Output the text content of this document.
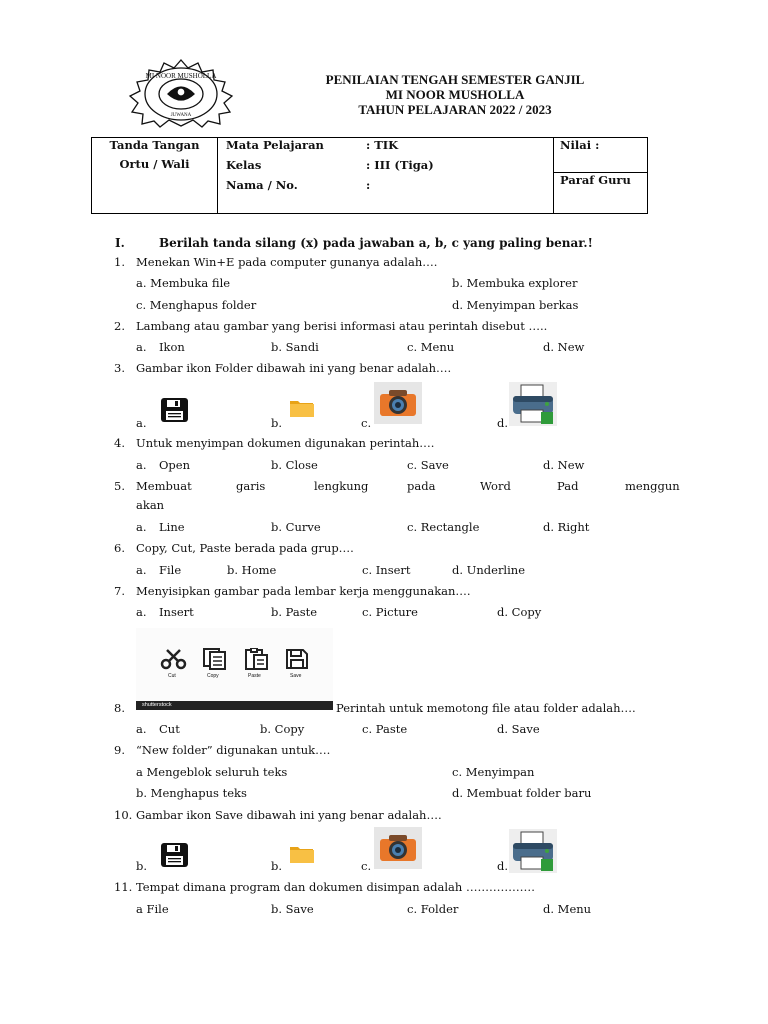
MI NOOR MUSHOLLA
JUWANA
PENILAIAN TENGAH SEMESTER GANJIL
MI NOOR MUSHOLLA
TAHUN PELAJARAN 2022 / 2023
Tanda Tangan
Ortu / Wali

Mata Pelajaran	: TIK
Kelas	: III (Tiga)
Nama / No.	:
	Nilai :
Paraf Guru
I.	Berilah tanda silang (x) pada jawaban a, b, c yang paling benar.!
1. Menekan Win+E pada computer gunanya adalah….
a. Membuka file	b. Membuka explorer
c. Menghapus folder	d. Menyimpan berkas
2. Lambang atau gambar yang berisi informasi atau perintah disebut …..
a. Ikon	b. Sandi	c. Menu	d. New
3. Gambar ikon Folder dibawah ini yang benar adalah….
a.	b.	c.	d.
4. Untuk menyimpan dokumen digunakan perintah….
a. Open	b. Close	c. Save	d. New
5. Membuat	garis	lengkung	pada	Word	Pad	menggun
akan
a. Line	b. Curve	c. Rectangle	d. Right
6. Copy, Cut, Paste berada pada grup….
a. File	b. Home	c. Insert	d. Underline
7. Menyisipkan gambar pada lembar kerja menggunakan….
a. Insert	b. Paste	c. Picture	d. Copy
Cut	Copy	Paste	Save
shutterstock
8.	Perintah untuk memotong file atau folder adalah….
a. Cut	b. Copy	c. Paste	d. Save
9. “New folder” digunakan untuk….
a Mengeblok seluruh teks	c. Menyimpan
b. Menghapus teks	d. Membuat folder baru
10. Gambar ikon Save dibawah ini yang benar adalah….
b.	b.	c.	d.
11. Tempat dimana program dan dokumen disimpan adalah ………………
a File	b. Save	c. Folder	d. Menu
